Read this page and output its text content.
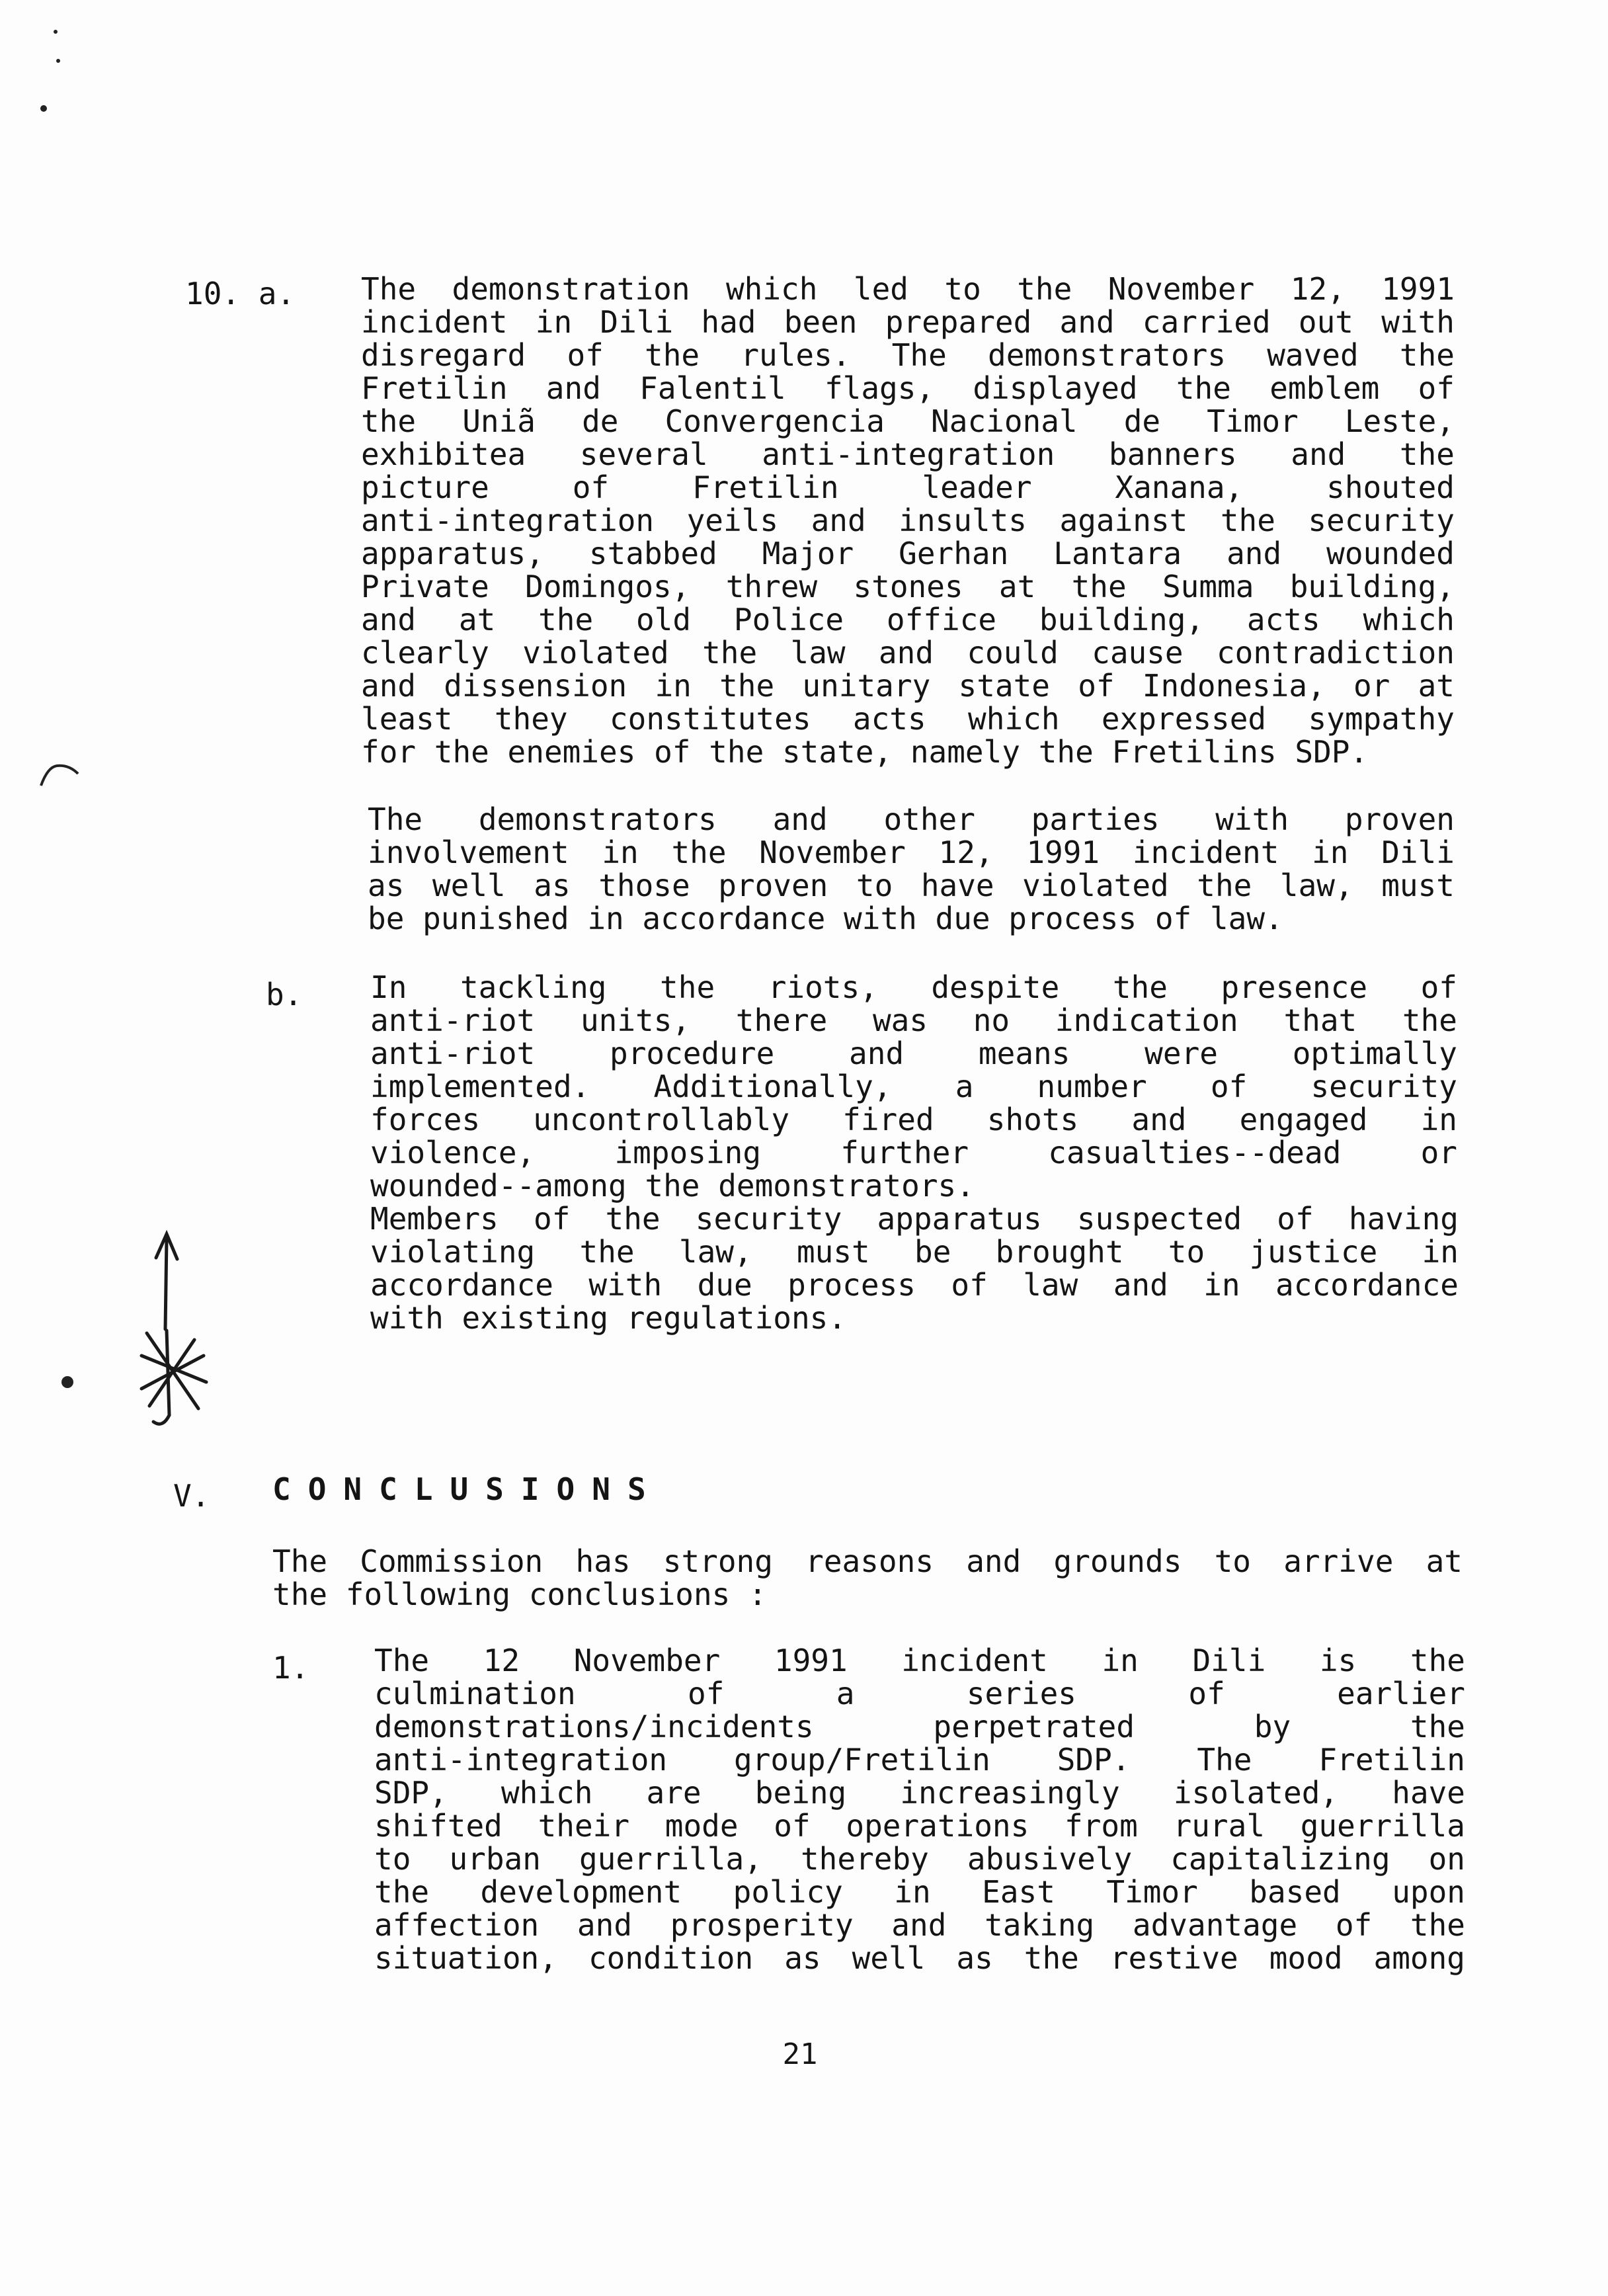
10. a. The demonstration which led to the November 12, 1991
incident in Dili had been prepared and carried out with
disregard of the rules. The demonstrators waved the
Fretilin and Falentil flags, displayed the emblem of
the Uniã de Convergencia Nacional de Timor Leste,
exhibitea several anti-integration banners and the
picture of Fretilin leader Xanana, shouted
anti-integration yeils and insults against the security
apparatus, stabbed Major Gerhan Lantara and wounded
Private Domingos, threw stones at the Summa building,
and at the old Police office building, acts which
clearly violated the law and could cause contradiction
and dissension in the unitary state of Indonesia, or at
least they constitutes acts which expressed sympathy
for the enemies of the state, namely the Fretilins SDP.
The demonstrators and other parties with proven
involvement in the November 12, 1991 incident in Dili
as well as those proven to have violated the law, must
be punished in accordance with due process of law.
b. In tackling the riots, despite the presence of
anti-riot units, there was no indication that the
anti-riot procedure and means were optimally
implemented. Additionally, a number of security
forces uncontrollably fired shots and engaged in
violence, imposing further casualties--dead or
wounded--among the demonstrators.
Members of the security apparatus suspected of having
violating the law, must be brought to justice in
accordance with due process of law and in accordance
with existing regulations.
V. CONCLUSIONS
The Commission has strong reasons and grounds to arrive at
the following conclusions :
1. The 12 November 1991 incident in Dili is the
culmination of a series of earlier
demonstrations/incidents perpetrated by the
anti-integration group/Fretilin SDP. The Fretilin
SDP, which are being increasingly isolated, have
shifted their mode of operations from rural guerrilla
to urban guerrilla, thereby abusively capitalizing on
the development policy in East Timor based upon
affection and prosperity and taking advantage of the
situation, condition as well as the restive mood among
21
